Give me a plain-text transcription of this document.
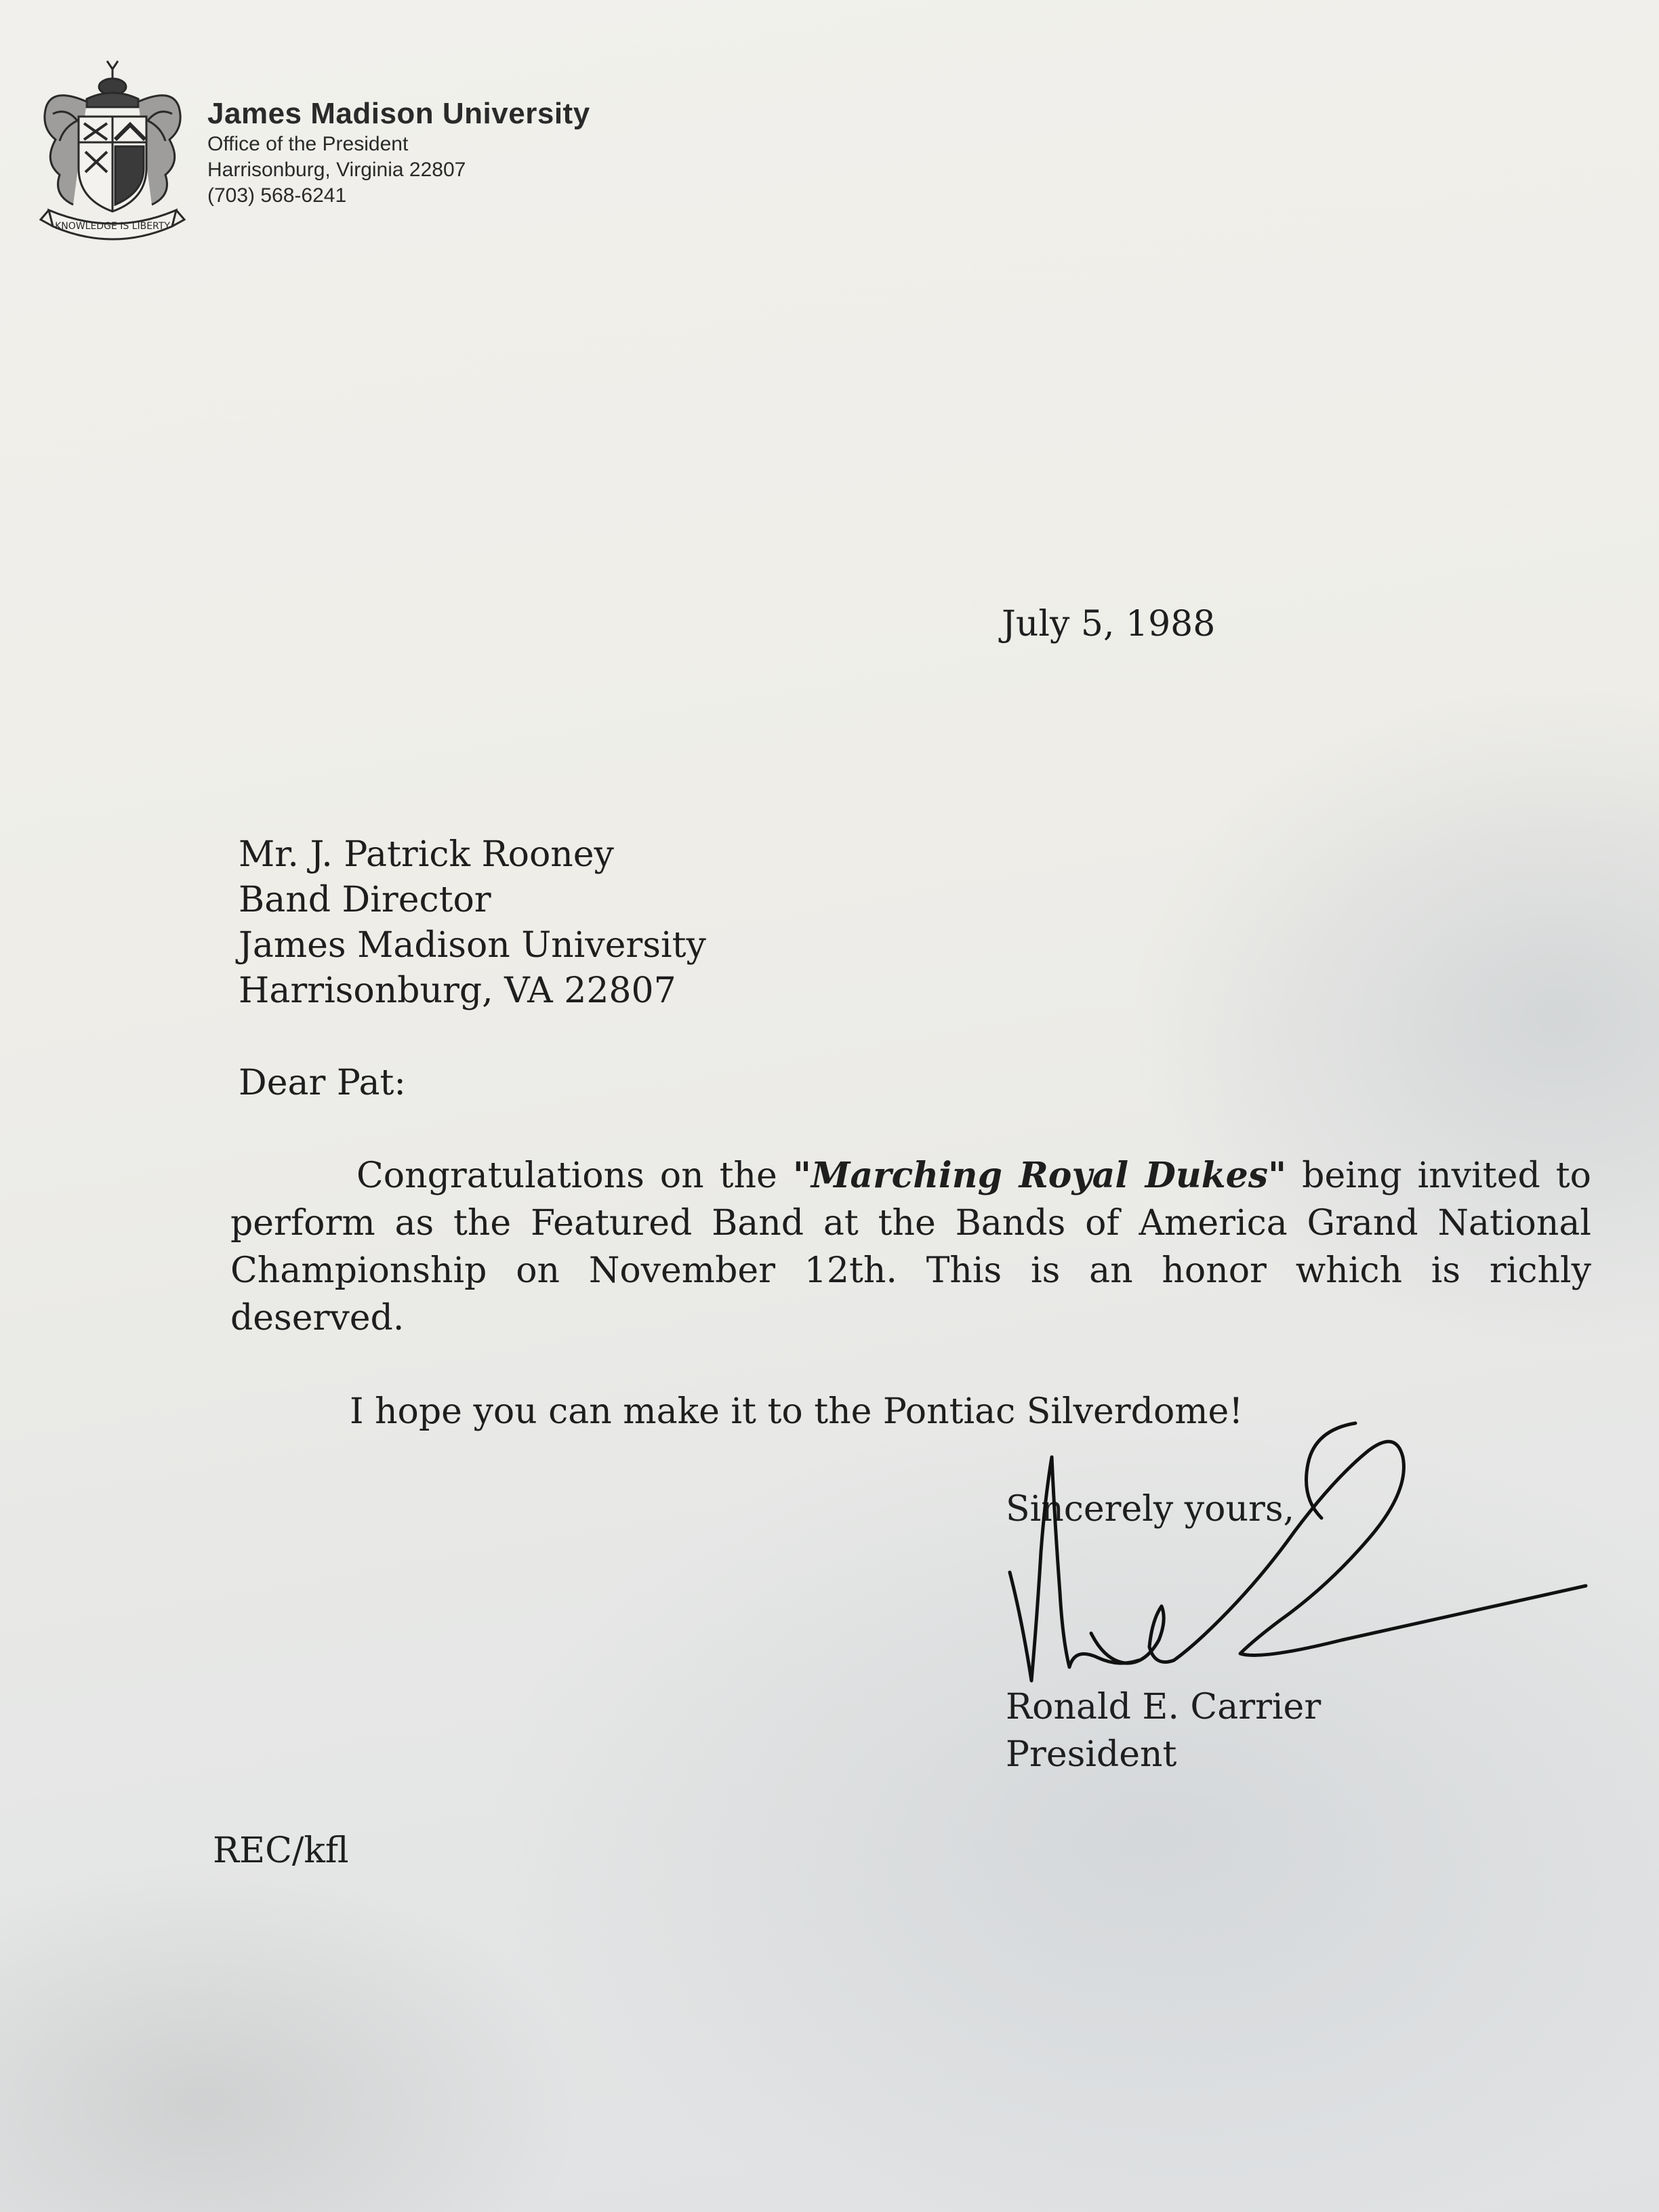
KNOWLEDGE IS LIBERTY
James Madison University
Office of the President
Harrisonburg, Virginia 22807
(703) 568-6241
July 5, 1988
Mr. J. Patrick Rooney
Band Director
James Madison University
Harrisonburg, VA 22807
Dear Pat:
Congratulations on the "Marching Royal Dukes" being invited to perform as the Featured Band at the Bands of America Grand National Championship on November 12th. This is an honor which is richly deserved.
I hope you can make it to the Pontiac Silverdome!
Sincerely yours,
Ronald E. Carrier
President
REC/kfl
